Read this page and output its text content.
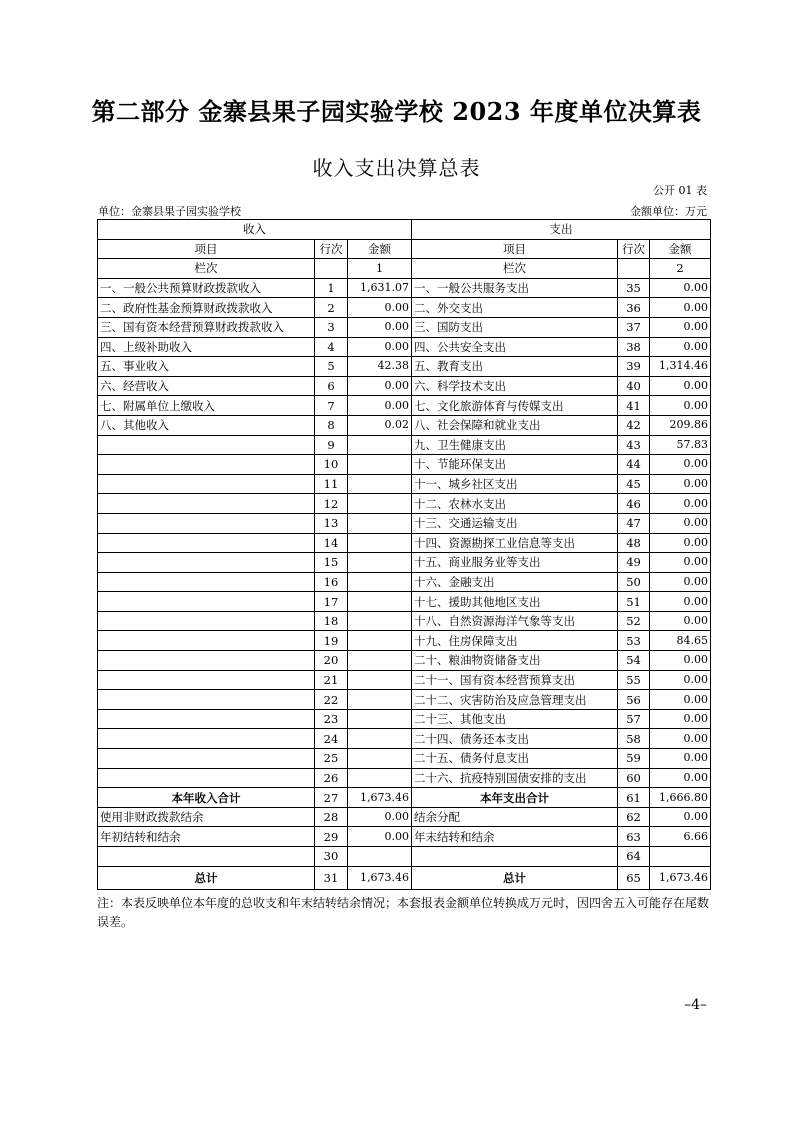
第二部分 金寨县果子园实验学校 2023 年度单位决算表
收入支出决算总表
公开 01 表
单位：金寨县果子园实验学校	金额单位：万元
收入			支出		
项目	行次	金额	项目	行次	金额
栏次		1	栏次		2
一、一般公共预算财政拨款收入	1	1,631.07	一、一般公共服务支出	35	0.00
二、政府性基金预算财政拨款收入	2	0.00	二、外交支出	36	0.00
三、国有资本经营预算财政拨款收入	3	0.00	三、国防支出	37	0.00
四、上级补助收入	4	0.00	四、公共安全支出	38	0.00
五、事业收入	5	42.38	五、教育支出	39	1,314.46
六、经营收入	6	0.00	六、科学技术支出	40	0.00
七、附属单位上缴收入	7	0.00	七、文化旅游体育与传媒支出	41	0.00
八、其他收入	8	0.02	八、社会保障和就业支出	42	209.86
	9		九、卫生健康支出	43	57.83
	10		十、节能环保支出	44	0.00
	11		十一、城乡社区支出	45	0.00
	12		十二、农林水支出	46	0.00
	13		十三、交通运输支出	47	0.00
	14		十四、资源勘探工业信息等支出	48	0.00
	15		十五、商业服务业等支出	49	0.00
	16		十六、金融支出	50	0.00
	17		十七、援助其他地区支出	51	0.00
	18		十八、自然资源海洋气象等支出	52	0.00
	19		十九、住房保障支出	53	84.65
	20		二十、粮油物资储备支出	54	0.00
	21		二十一、国有资本经营预算支出	55	0.00
	22		二十二、灾害防治及应急管理支出	56	0.00
	23		二十三、其他支出	57	0.00
	24		二十四、债务还本支出	58	0.00
	25		二十五、债务付息支出	59	0.00
	26		二十六、抗疫特别国债安排的支出	60	0.00
本年收入合计	27	1,673.46	本年支出合计	61	1,666.80
使用非财政拨款结余	28	0.00	结余分配	62	0.00
年初结转和结余	29	0.00	年末结转和结余	63	6.66
	30			64	
总计	31	1,673.46	总计	65	1,673.46
注：本表反映单位本年度的总收支和年末结转结余情况；本套报表金额单位转换成万元时，因四舍五入可能存在尾数误差。
–4–
